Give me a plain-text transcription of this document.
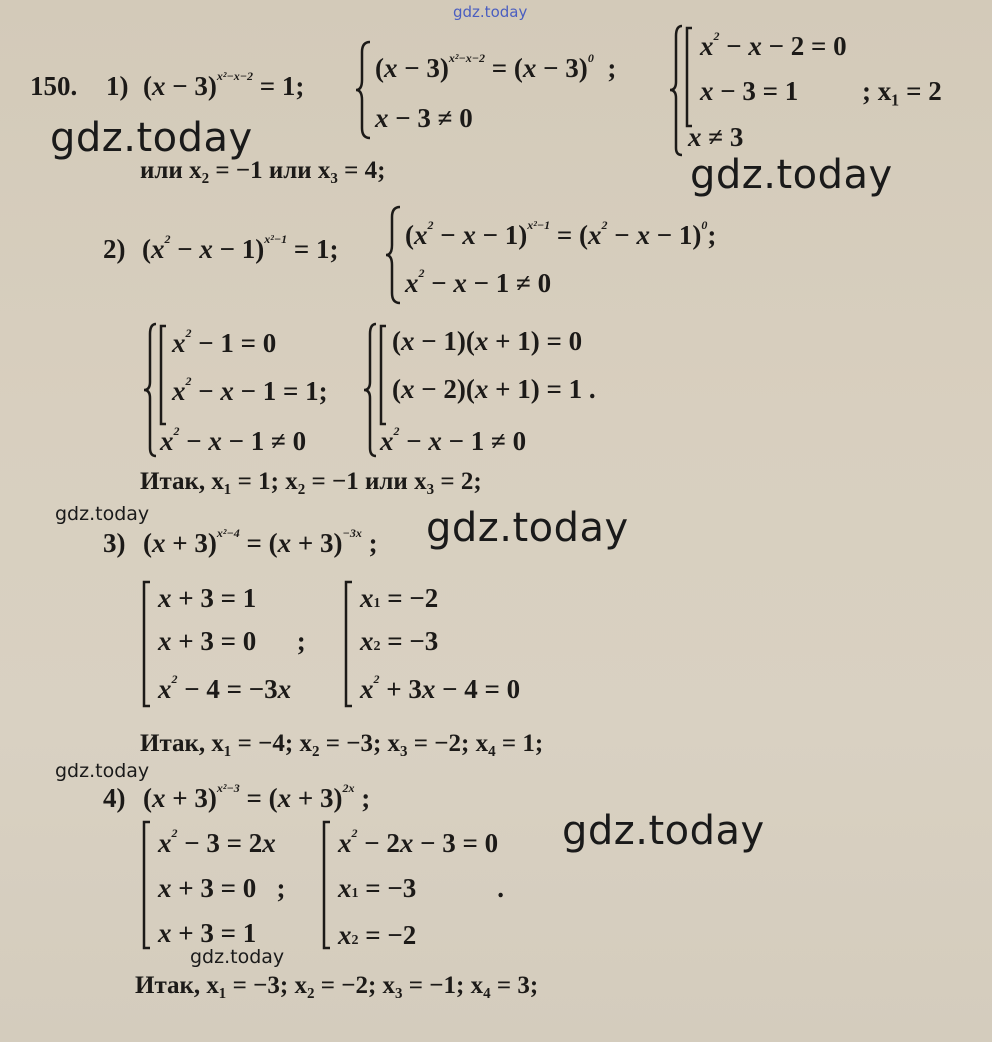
gdz.today
150. 1) $(x - 3)^{x^2-x-2} = 1$;
$(x - 3)^{x^2-x-2} = (x - 3)^0$  ;
x − 3 ≠ 0
$x^2 - x - 2 = 0$
x − 3 = 1 ; x₁ = 2
x ≠ 3
gdz.today
или x₂ = −1 или x₃ = 4;	gdz.today
2) $(x^2 - x - 1)^{x^2-1} = 1$; $(x^2 - x - 1)^{x^2-1} = (x^2 - x - 1)^0$;
$x^2 - x - 1 \ne 0$
$x^2 - 1 = 0$
$x^2 - x - 1 = 1$;
$x^2 - x - 1 \ne 0$
(x − 1)(x + 1) = 0
(x − 2)(x + 1) = 1 .
$x^2 - x - 1 \ne 0$
Итак, x₁ = 1; x₂ = −1 или x₃ = 2;
gdz.today
3) $(x + 3)^{x^2-4} = (x + 3)^{-3x}$ ; gdz.today
x + 3 = 1
x + 3 = 0      ;
$x^2 - 4 = -3x$
x1 = −2
x2 = −3
$x^2 + 3x - 4 = 0$
Итак, x₁ = −4; x₂ = −3; x₃ = −2; x₄ = 1;
gdz.today
4) $(x + 3)^{x^2-3} = (x + 3)^{2x}$ ;
$x^2 - 3 = 2x$
x + 3 = 0   ;
x + 3 = 1
$x^2 - 2x - 3 = 0$
x1 = −3            .
x2 = −2
gdz.today
gdz.today
Итак, x₁ = −3; x₂ = −2; x₃ = −1; x₄ = 3;
